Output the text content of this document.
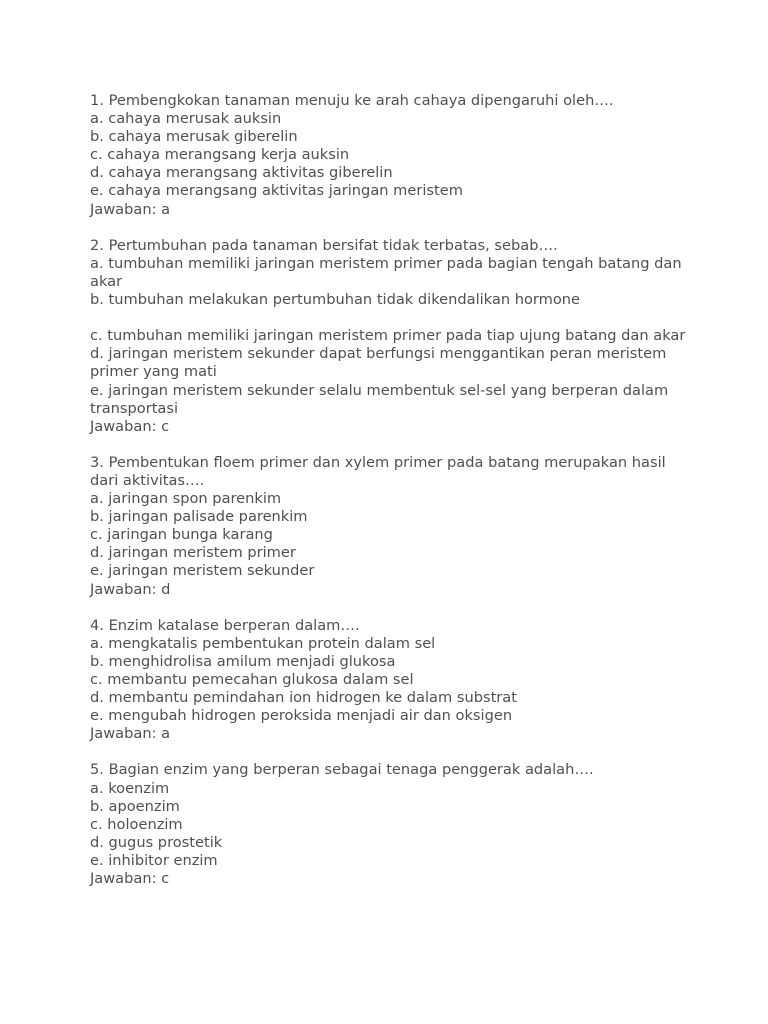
1. Pembengkokan tanaman menuju ke arah cahaya dipengaruhi oleh….
a. cahaya merusak auksin
b. cahaya merusak giberelin
c. cahaya merangsang kerja auksin
d. cahaya merangsang aktivitas giberelin
e. cahaya merangsang aktivitas jaringan meristem
Jawaban: a
2. Pertumbuhan pada tanaman bersifat tidak terbatas, sebab….
a. tumbuhan memiliki jaringan meristem primer pada bagian tengah batang dan akar
b. tumbuhan melakukan pertumbuhan tidak dikendalikan hormone
c. tumbuhan memiliki jaringan meristem primer pada tiap ujung batang dan akar
d. jaringan meristem sekunder dapat berfungsi menggantikan peran meristem primer yang mati
e. jaringan meristem sekunder selalu membentuk sel-sel yang berperan dalam transportasi
Jawaban: c
3. Pembentukan floem primer dan xylem primer pada batang merupakan hasil dari aktivitas….
a. jaringan spon parenkim
b. jaringan palisade parenkim
c. jaringan bunga karang
d. jaringan meristem primer
e. jaringan meristem sekunder
Jawaban: d
4. Enzim katalase berperan dalam….
a. mengkatalis pembentukan protein dalam sel
b. menghidrolisa amilum menjadi glukosa
c. membantu pemecahan glukosa dalam sel
d. membantu pemindahan ion hidrogen ke dalam substrat
e. mengubah hidrogen peroksida menjadi air dan oksigen
Jawaban: a
5. Bagian enzim yang berperan sebagai tenaga penggerak adalah….
a. koenzim
b. apoenzim
c. holoenzim
d. gugus prostetik
e. inhibitor enzim
Jawaban: c
